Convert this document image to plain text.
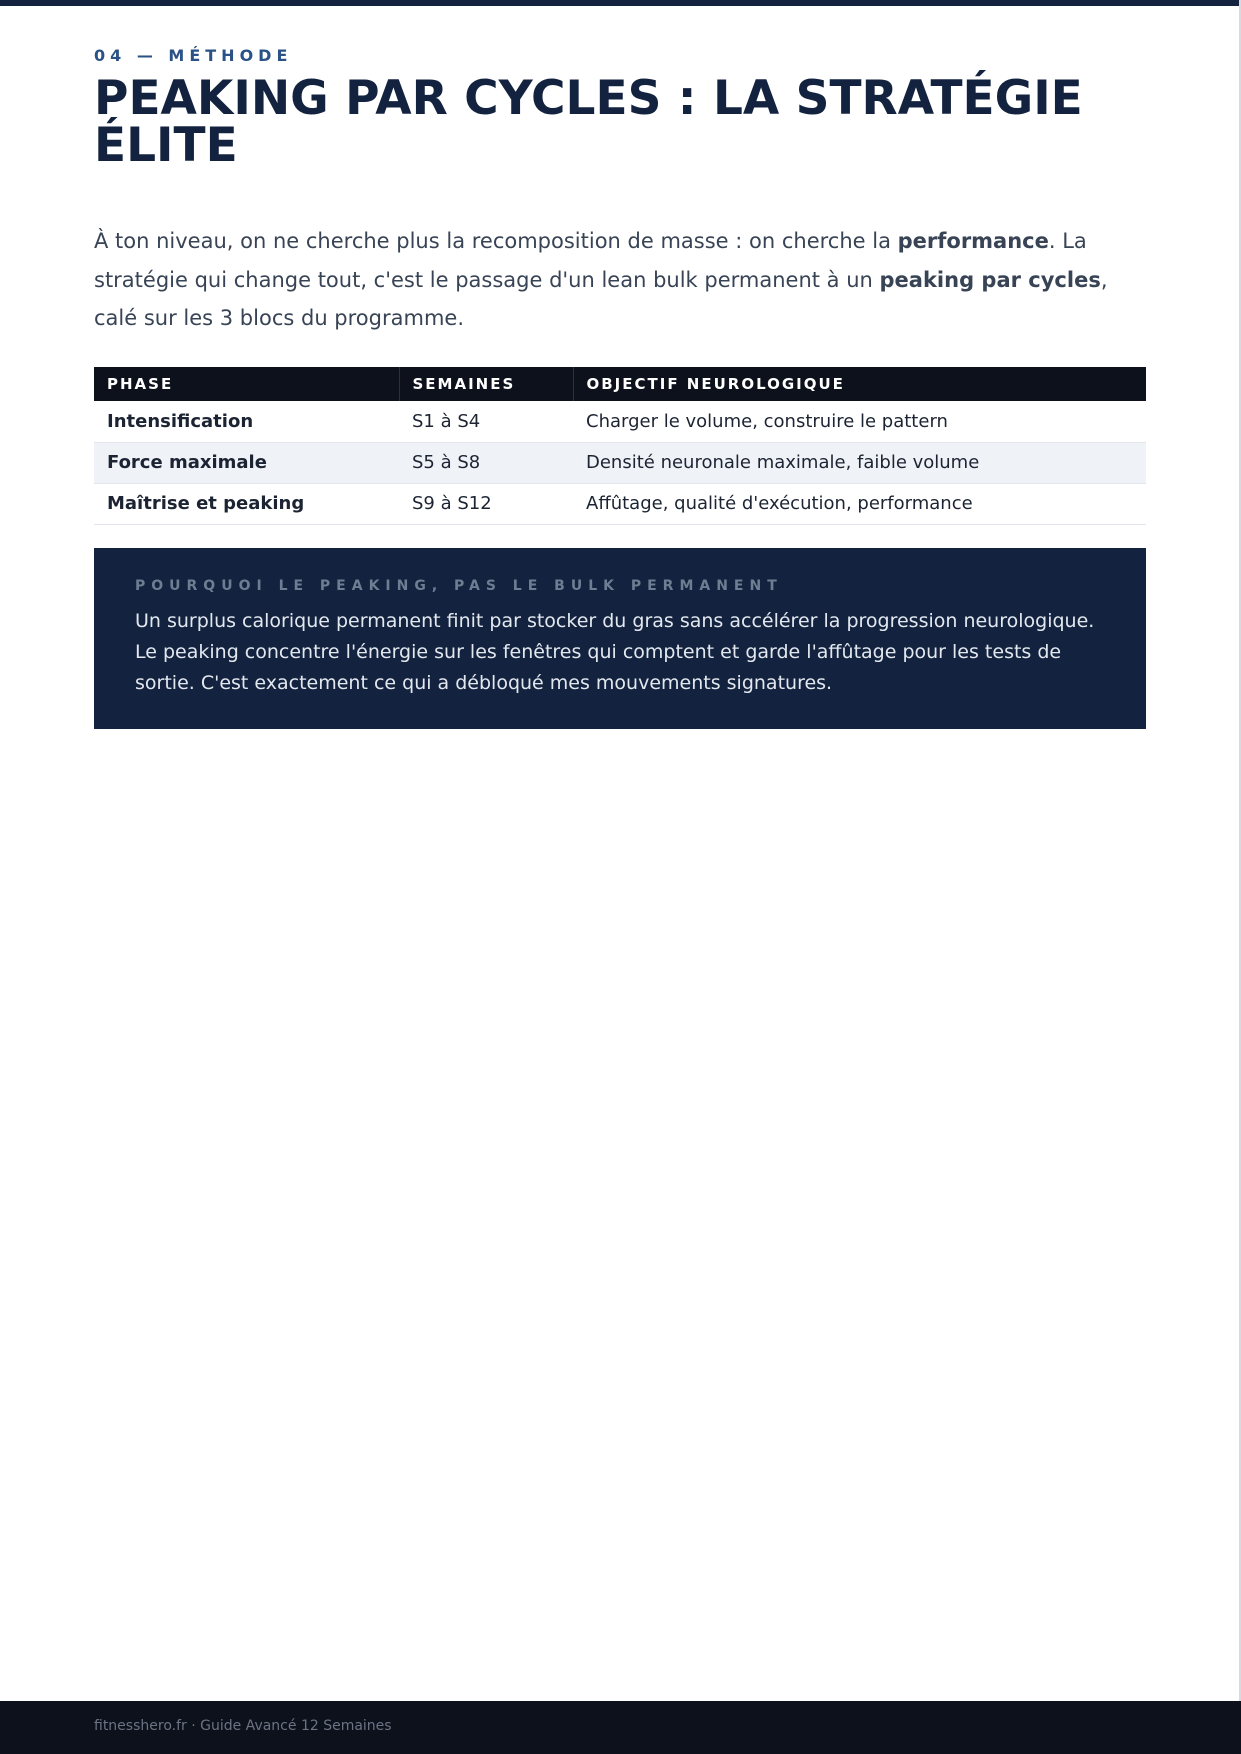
04 — MÉTHODE
PEAKING PAR CYCLES : LA STRATÉGIE ÉLITE

À ton niveau, on ne cherche plus la recomposition de masse : on cherche la performance. La stratégie qui change tout, c'est le passage d'un lean bulk permanent à un peaking par cycles, calé sur les 3 blocs du programme.

PHASE	SEMAINES	OBJECTIF NEUROLOGIQUE
Intensification	S1 à S4	Charger le volume, construire le pattern
Force maximale	S5 à S8	Densité neuronale maximale, faible volume
Maîtrise et peaking	S9 à S12	Affûtage, qualité d'exécution, performance
POURQUOI LE PEAKING, PAS LE BULK PERMANENT

Un surplus calorique permanent finit par stocker du gras sans accélérer la progression neurologique. Le peaking concentre l'énergie sur les fenêtres qui comptent et garde l'affûtage pour les tests de sortie. C'est exactement ce qui a débloqué mes mouvements signatures.

fitnesshero.fr · Guide Avancé 12 Semaines
